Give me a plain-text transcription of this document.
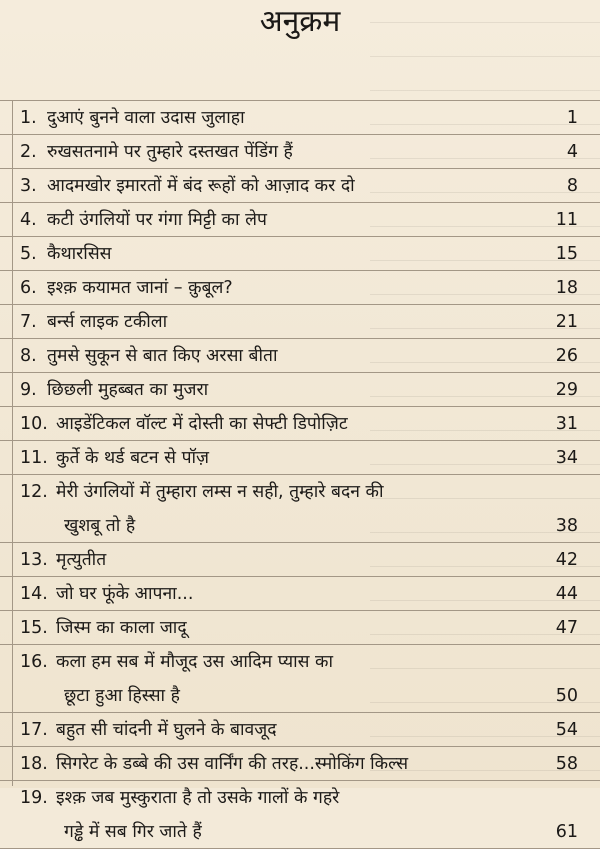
अनुक्रम
1. दुआएं बुनने वाला उदास जुलाहा	1
2. रुखसतनामे पर तुम्हारे दस्तखत पेंडिंग हैं	4
3. आदमखोर इमारतों में बंद रूहों को आज़ाद कर दो	8
4. कटी उंगलियों पर गंगा मिट्टी का लेप	11
5. कैथारसिस	15
6. इश्क़ कयामत जानां – क़ुबूल?	18
7. बर्न्स लाइक टकीला	21
8. तुमसे सुकून से बात किए अरसा बीता	26
9. छिछली मुहब्बत का मुजरा	29
10. आइडेंटिकल वॉल्ट में दोस्ती का सेफ्टी डिपोज़िट	31
11. कुर्ते के थर्ड बटन से पॉज़	34
12. मेरी उंगलियों में तुम्हारा लम्स न सही, तुम्हारे बदन की
खुशबू तो है	38
13. मृत्युतीत	42
14. जो घर फूंके आपना...	44
15. जिस्म का काला जादू	47
16. कला हम सब में मौजूद उस आदिम प्यास का
छूटा हुआ हिस्सा है	50
17. बहुत सी चांदनी में घुलने के बावजूद	54
18. सिगरेट के डब्बे की उस वार्निंग की तरह...स्मोकिंग किल्स	58
19. इश्क़ जब मुस्कुराता है तो उसके गालों के गहरे
गड्ढे में सब गिर जाते हैं	61
